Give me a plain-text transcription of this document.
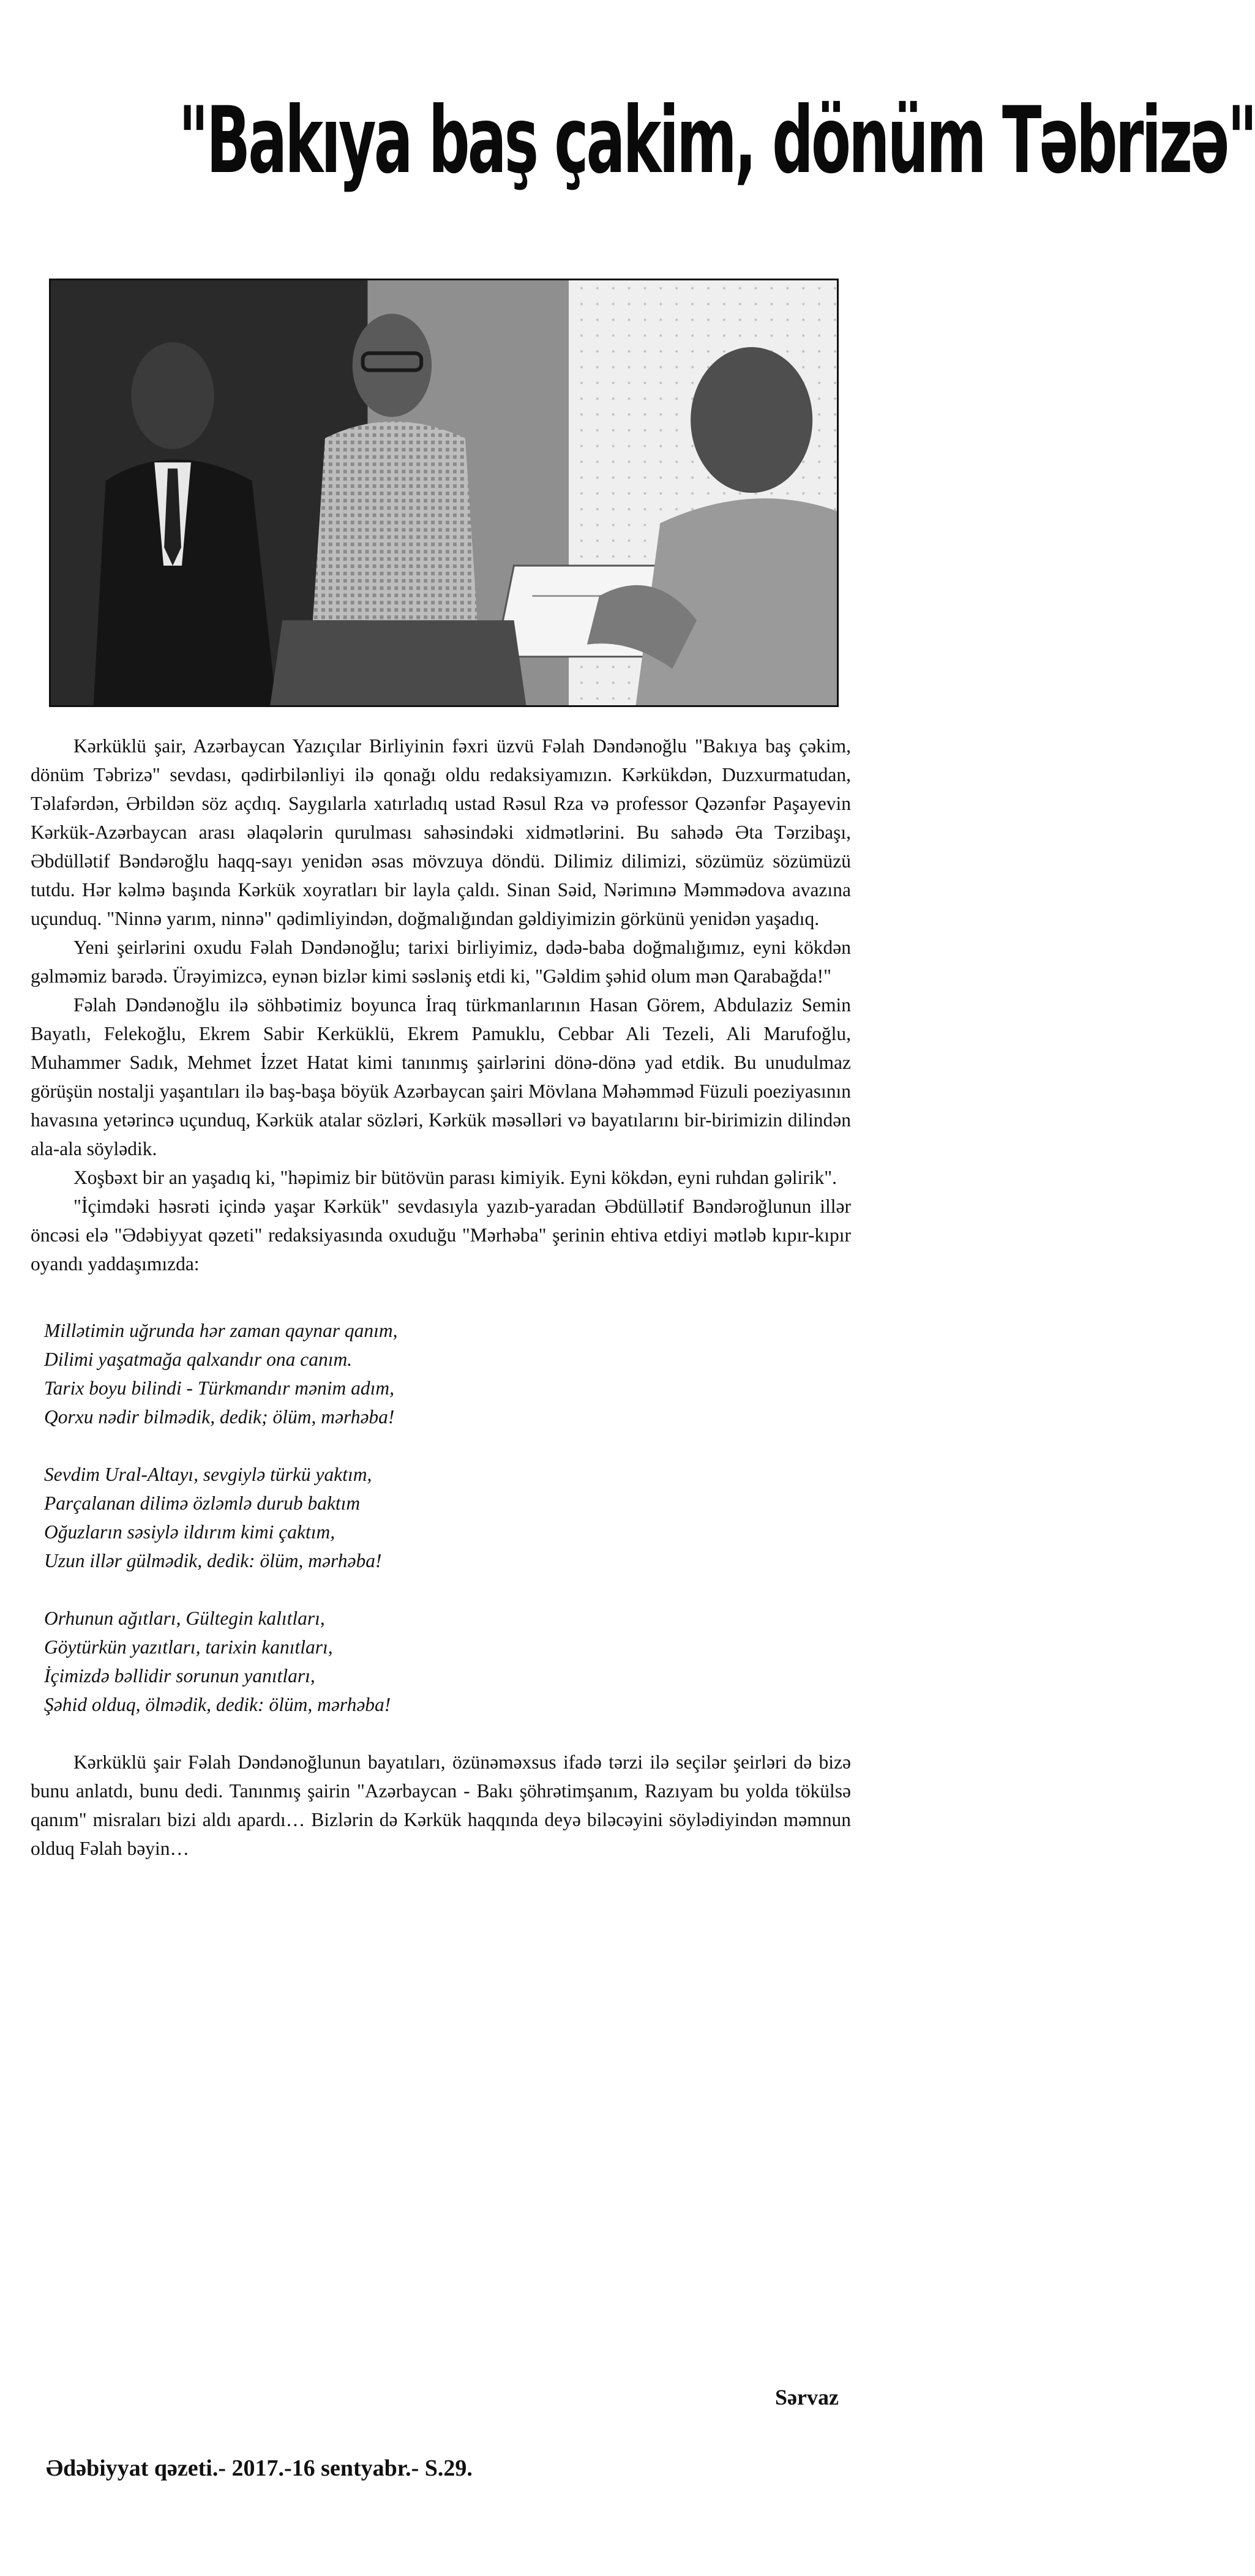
"Bakıya baş çakim, dönüm Təbrizə"

Kərküklü şair, Azərbaycan Yazıçılar Birliyinin fəxri üzvü Fəlah Dəndənoğlu "Bakıya baş çəkim, dönüm Təbrizə" sevdası, qədirbilənliyi ilə qonağı oldu redaksiyamızın. Kərkükdən, Duzxurmatudan, Təlafərdən, Ərbildən söz açdıq. Saygılarla xatırladıq ustad Rəsul Rza və professor Qəzənfər Paşayevin Kərkük-Azərbaycan arası əlaqələrin qurulması sahəsindəki xidmətlərini. Bu sahədə Əta Tərzibaşı, Əbdüllətif Bəndəroğlu haqq-sayı yenidən əsas mövzuya döndü. Dilimiz dilimizi, sözümüz sözümüzü tutdu. Hər kəlmə başında Kərkük xoyratları bir layla çaldı. Sinan Səid, Nərimınə Məmmədova avazına uçunduq. "Ninnə yarım, ninnə" qədimliyindən, doğmalığından gəldiyimizin görkünü yenidən yaşadıq.

Yeni şeirlərini oxudu Fəlah Dəndənoğlu; tarixi birliyimiz, dədə-baba doğmalığımız, eyni kökdən gəlməmiz barədə. Ürəyimizcə, eynən bizlər kimi səsləniş etdi ki, "Gəldim şəhid olum mən Qarabağda!"

Fəlah Dəndənoğlu ilə söhbətimiz boyunca İraq türkmanlarının Hasan Görem, Abdulaziz Semin Bayatlı, Felekoğlu, Ekrem Sabir Kerküklü, Ekrem Pamuklu, Cebbar Ali Tezeli, Ali Marufoğlu, Muhammer Sadık, Mehmet İzzet Hatat kimi tanınmış şairlərini dönə-dönə yad etdik. Bu unudulmaz görüşün nostalji yaşantıları ilə baş-başa böyük Azərbaycan şairi Mövlana Məhəmməd Füzuli poeziyasının havasına yetərincə uçunduq, Kərkük atalar sözləri, Kərkük məsəlləri və bayatılarını bir-birimizin dilindən ala-ala söylədik.

Xoşbəxt bir an yaşadıq ki, "həpimiz bir bütövün parası kimiyik. Eyni kökdən, eyni ruhdan gəlirik".

"İçimdəki həsrəti içində yaşar Kərkük" sevdasıyla yazıb-yaradan Əbdüllətif Bəndəroğlunun illər öncəsi elə "Ədəbiyyat qəzeti" redaksiyasında oxuduğu "Mərhəba" şerinin ehtiva etdiyi mətləb kıpır-kıpır oyandı yaddaşımızda:

Millətimin uğrunda hər zaman qaynar qanım,
Dilimi yaşatmağa qalxandır ona canım.
Tarix boyu bilindi - Türkmandır mənim adım,
Qorxu nədir bilmədik, dedik; ölüm, mərhəba!
Sevdim Ural-Altayı, sevgiylə türkü yaktım,
Parçalanan dilimə özləmlə durub baktım
Oğuzların səsiylə ildırım kimi çaktım,
Uzun illər gülmədik, dedik: ölüm, mərhəba!
Orhunun ağıtları, Gültegin kalıtları,
Göytürkün yazıtları, tarixin kanıtları,
İçimizdə bəllidir sorunun yanıtları,
Şəhid olduq, ölmədik, dedik: ölüm, mərhəba!

Kərküklü şair Fəlah Dəndənoğlunun bayatıları, özünəməxsus ifadə tərzi ilə seçilər şeirləri də bizə bunu anlatdı, bunu dedi. Tanınmış şairin "Azərbaycan - Bakı şöhrətimşanım, Razıyam bu yolda tökülsə qanım" misraları bizi aldı apardı… Bizlərin də Kərkük haqqında deyə biləcəyini söylədiyindən məmnun olduq Fəlah bəyin…

Sərvaz
Ədəbiyyat qəzeti.- 2017.-16 sentyabr.- S.29.
